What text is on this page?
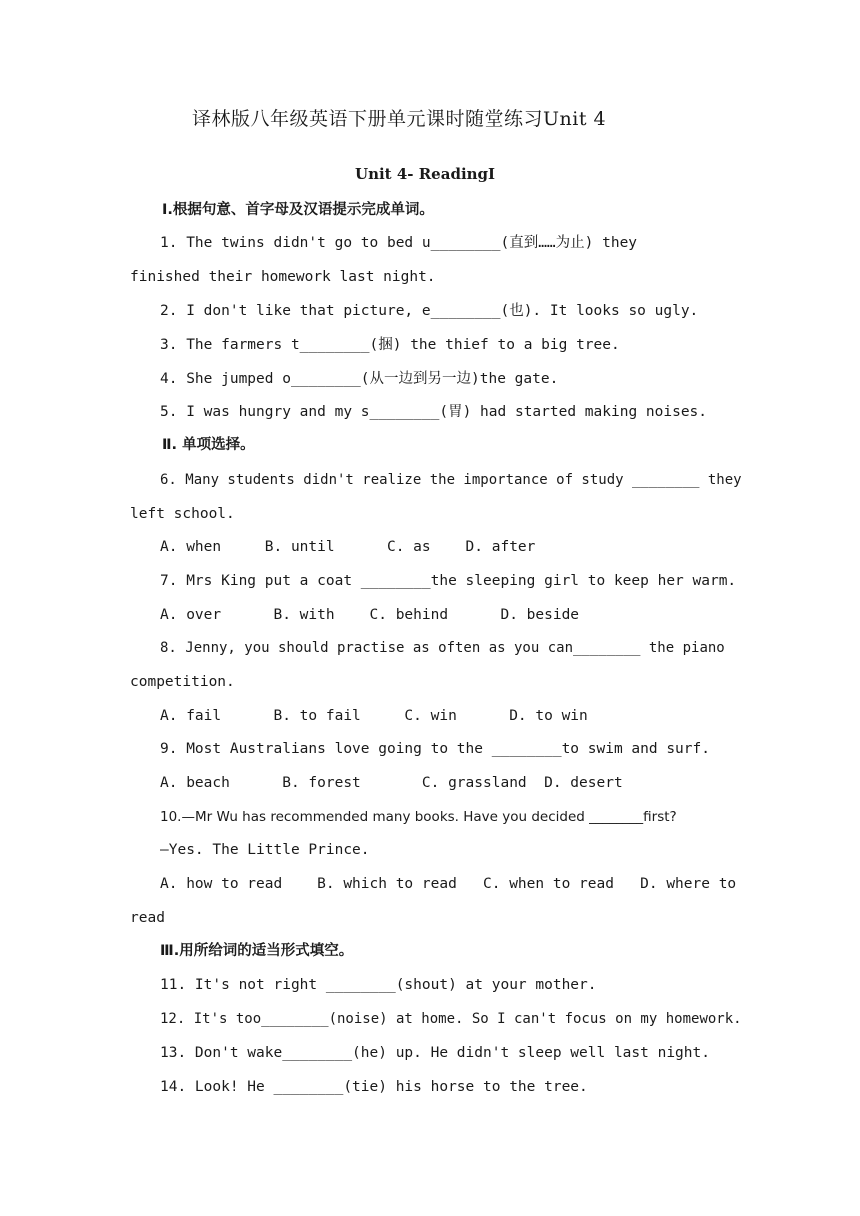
译林版八年级英语下册单元课时随堂练习Unit 4
Unit 4- ReadingⅠ
Ⅰ.根据句意、首字母及汉语提示完成单词。
1. The twins didn't go to bed u________(直到……为止) they
finished their homework last night.
2. I don't like that picture, e________(也). It looks so ugly.
3. The farmers t________(捆) the thief to a big tree.
4. She jumped o________(从一边到另一边)the gate.
5. I was hungry and my s________(胃) had started making noises.
Ⅱ. 单项选择。
6. Many students didn't realize the importance of study ________ they
left school.
A. when     B. until      C. as    D. after
7. Mrs King put a coat ________the sleeping girl to keep her warm.
A. over      B. with    C. behind      D. beside
8. Jenny, you should practise as often as you can________ the piano
competition.
A. fail      B. to fail     C. win      D. to win
9. Most Australians love going to the ________to swim and surf.
A. beach      B. forest       C. grassland  D. desert
10.—Mr Wu has recommended many books. Have you decided ________first?
—Yes. The Little Prince.
A. how to read    B. which to read   C. when to read   D. where to
read
Ⅲ.用所给词的适当形式填空。
11. It's not right ________(shout) at your mother.
12. It's too________(noise) at home. So I can't focus on my homework.
13. Don't wake________(he) up. He didn't sleep well last night.
14. Look! He ________(tie) his horse to the tree.
